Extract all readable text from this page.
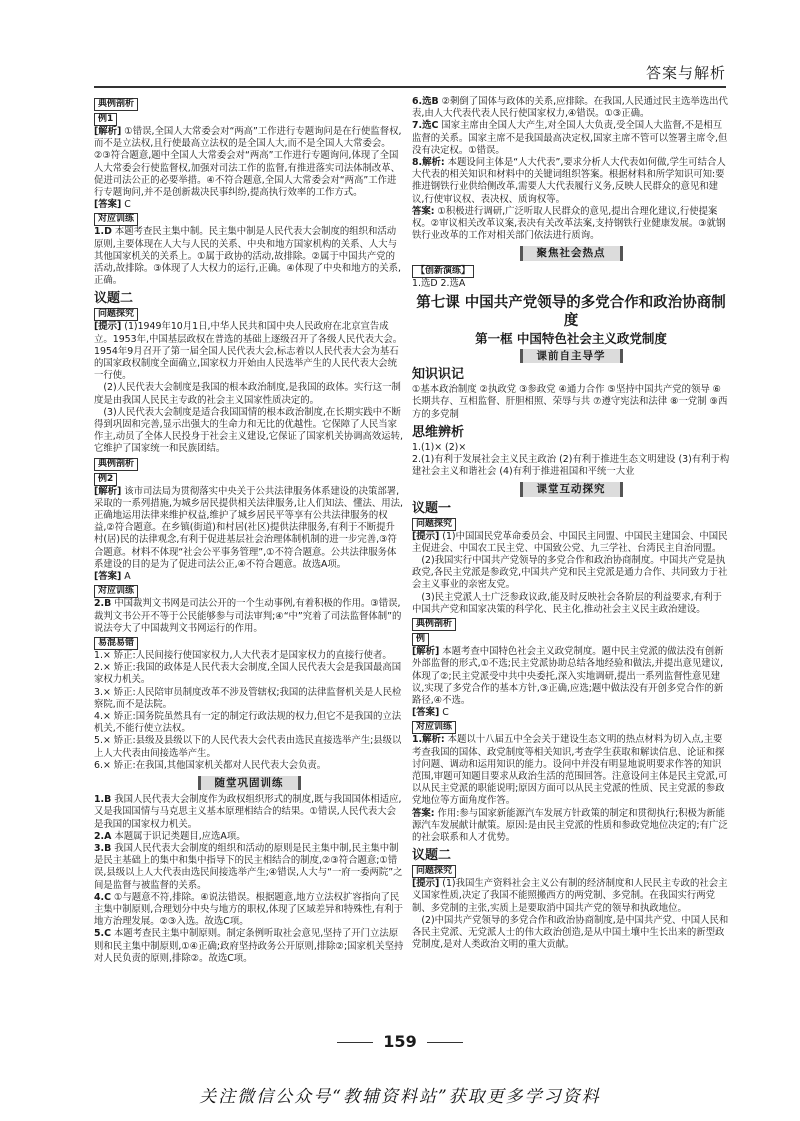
答案与解析

典例剖析

例1

[解析] ①错误,全国人大常委会对“两高”工作进行专题询问是在行使监督权,而不是立法权,且行使最高立法权的是全国人大,而不是全国人大常委会。②③符合题意,题中全国人大常委会对“两高”工作进行专题询问,体现了全国人大常委会行使监督权,加强对司法工作的监督,有推进落实司法体制改革、促进司法公正的必要举措。④不符合题意,全国人大常委会对“两高”工作进行专题询问,并不是创新裁决民事纠纷,提高执行效率的工作方式。

[答案] C

对应训练

1.D 本题考查民主集中制。民主集中制是人民代表大会制度的组织和活动原则,主要体现在人大与人民的关系、中央和地方国家机构的关系、人大与其他国家机关的关系上。①属于政协的活动,故排除。②属于中国共产党的活动,故排除。③体现了人大权力的运行,正确。④体现了中央和地方的关系,正确。

议题二

问题探究

[提示] (1)1949年10月1日,中华人民共和国中央人民政府在北京宣告成立。1953年,中国基层政权在普选的基础上逐级召开了各级人民代表大会。1954年9月召开了第一届全国人民代表大会,标志着以人民代表大会为基石的国家政权制度全面确立,国家权力开始由人民选举产生的人民代表大会统一行使。

(2)人民代表大会制度是我国的根本政治制度,是我国的政体。实行这一制度是由我国人民民主专政的社会主义国家性质决定的。

(3)人民代表大会制度是适合我国国情的根本政治制度,在长期实践中不断得到巩固和完善,显示出强大的生命力和无比的优越性。它保障了人民当家作主,动员了全体人民投身于社会主义建设,它保证了国家机关协调高效运转,它维护了国家统一和民族团结。

典例剖析

例2

[解析] 该市司法局为贯彻落实中央关于公共法律服务体系建设的决策部署,采取的一系列措施,为城乡居民提供相关法律服务,让人们知法、懂法、用法,正确地运用法律来维护权益,维护了城乡居民平等享有公共法律服务的权益,②符合题意。在乡镇(街道)和村居(社区)提供法律服务,有利于不断提升村(居)民的法律观念,有利于促进基层社会治理体制机制的进一步完善,③符合题意。材料不体现“社会公平事务管理”,①不符合题意。公共法律服务体系建设的目的是为了促进司法公正,④不符合题意。故选A项。

[答案] A

对应训练

2.B 中国裁判文书网是司法公开的一个生动事例,有着积极的作用。③错误,裁判文书公开不等于公民能够参与司法审判;④“中”究着了司法监督体制”的说法夸大了中国裁判文书网运行的作用。

易混易错

1.× 矫正:人民间接行使国家权力,人大代表才是国家权力的直接行使者。

2.× 矫正:我国的政体是人民代表大会制度,全国人民代表大会是我国最高国家权力机关。

3.× 矫正:人民陪审员制度改革不涉及管辖权;我国的法律监督机关是人民检察院,而不是法院。

4.× 矫正:国务院虽然具有一定的制定行政法规的权力,但它不是我国的立法机关,不能行使立法权。

5.× 矫正:县级及县级以下的人民代表大会代表由选民直接选举产生;县级以上人大代表由间接选举产生。

6.× 矫正:在我国,其他国家机关都对人民代表大会负责。

随堂巩固训练

1.B 我国人民代表大会制度作为政权组织形式的制度,既与我国国体相适应,又是我国国情与马克思主义基本原理相结合的结果。①错误,人民代表大会是我国的国家权力机关。

2.A 本题属于识记类题目,应选A项。

3.B 我国人民代表大会制度的组织和活动的原则是民主集中制,民主集中制是民主基础上的集中和集中指导下的民主相结合的制度,②③符合题意;①错误,县级以上人大代表由选民间接选举产生;④错误,人大与“一府一委两院”之间是监督与被监督的关系。

4.C ①与题意不符,排除。④说法错误。根据题意,地方立法权扩容指向了民主集中制原则,合理划分中央与地方的职权,体现了区域差异和特殊性,有利于地方治理发展。②③入选。故选C项。

5.C 本题考查民主集中制原则。制定条例听取社会意见,坚持了开门立法原则和民主集中制原则,①④正确;政府坚持政务公开原则,排除②;国家机关坚持对人民负责的原则,排除②。故选C项。

6.选B ②剩倒了国体与政体的关系,应排除。在我国,人民通过民主选举选出代表,由人大代表代表人民行使国家权力,④错误。①③正确。

7.选C 国家主席由全国人大产生,对全国人大负责,受全国人大监督,不是相互监督的关系。国家主席不是我国最高决定权,国家主席不管可以签署主席令,但没有决定权。①错误。

8.解析: 本题设问主体是“人大代表”,要求分析人大代表如何做,学生可结合人大代表的相关知识和材料中的关键词组织答案。根据材料和所学知识可知:要推进钢铁行业供给侧改革,需要人大代表履行义务,反映人民群众的意见和建议,行使审议权、表决权、质询权等。

答案: ①积极进行调研,广泛听取人民群众的意见,提出合理化建议,行使提案权。②审议相关改革议案,表决有关改革法案,支持钢铁行业健康发展。③就钢铁行业改革的工作对相关部门依法进行质询。

聚焦社会热点

【创新演练】

1.选D 2.选A

第七课 中国共产党领导的多党合作和政治协商制度

第一框 中国特色社会主义政党制度

课前自主导学

知识识记

①基本政治制度 ②执政党 ③参政党 ④通力合作 ⑤坚持中国共产党的领导 ⑥长期共存、互相监督、肝胆相照、荣辱与共 ⑦遵守宪法和法律 ⑧一党制 ⑨西方的多党制

思维辨析

1.(1)× (2)×

2.(1)有利于发展社会主义民主政治 (2)有利于推进生态文明建设 (3)有利于构建社会主义和谐社会 (4)有利于推进祖国和平统一大业

课堂互动探究

议题一

问题探究

[提示] (1)中国国民党革命委员会、中国民主同盟、中国民主建国会、中国民主促进会、中国农工民主党、中国致公党、九三学社、台湾民主自治同盟。

(2)我国实行中国共产党领导的多党合作和政治协商制度。中国共产党是执政党,各民主党派是参政党,中国共产党和民主党派是通力合作、共同致力于社会主义事业的亲密友党。

(3)民主党派人士广泛参政议政,能及时反映社会各阶层的利益要求,有利于中国共产党和国家决策的科学化、民主化,推动社会主义民主政治建设。

典例剖析

例

[解析] 本题考查中国特色社会主义政党制度。题中民主党派的做法没有创新外部监督的形式,①不选;民主党派协助总结各地经验和做法,并提出意见建议,体现了②;民主党派受中共中央委托,深入实地调研,提出一系列监督性意见建议,实现了多党合作的基本方针,③正确,应选;题中做法没有开创多党合作的新路径,④不选。

[答案] C

对应训练

1.解析: 本题以十八届五中全会关于建设生态文明的热点材料为切入点,主要考查我国的国体、政党制度等相关知识,考查学生获取和解读信息、论证和探讨问题、调动和运用知识的能力。设问中并没有明显地说明要求作答的知识范围,审题可知题目要求从政治生活的范围回答。注意设问主体是民主党派,可以从民主党派的职能说明;原因方面可以从民主党派的性质、民主党派的参政党地位等方面角度作答。

答案: 作用:参与国家新能源汽车发展方针政策的制定和贯彻执行;积极为新能源汽车发展献计献策。原因:是由民主党派的性质和参政党地位决定的;有广泛的社会联系和人才优势。

议题二

问题探究

[提示] (1)我国生产资料社会主义公有制的经济制度和人民民主专政的社会主义国家性质,决定了我国不能照搬西方的两党制、多党制。在我国实行两党制、多党制的主张,实质上是要取消中国共产党的领导和执政地位。

(2)中国共产党领导的多党合作和政治协商制度,是中国共产党、中国人民和各民主党派、无党派人士的伟大政治创造,是从中国土壤中生长出来的新型政党制度,是对人类政治文明的重大贡献。

159
关注微信公众号“教辅资料站”获取更多学习资料
